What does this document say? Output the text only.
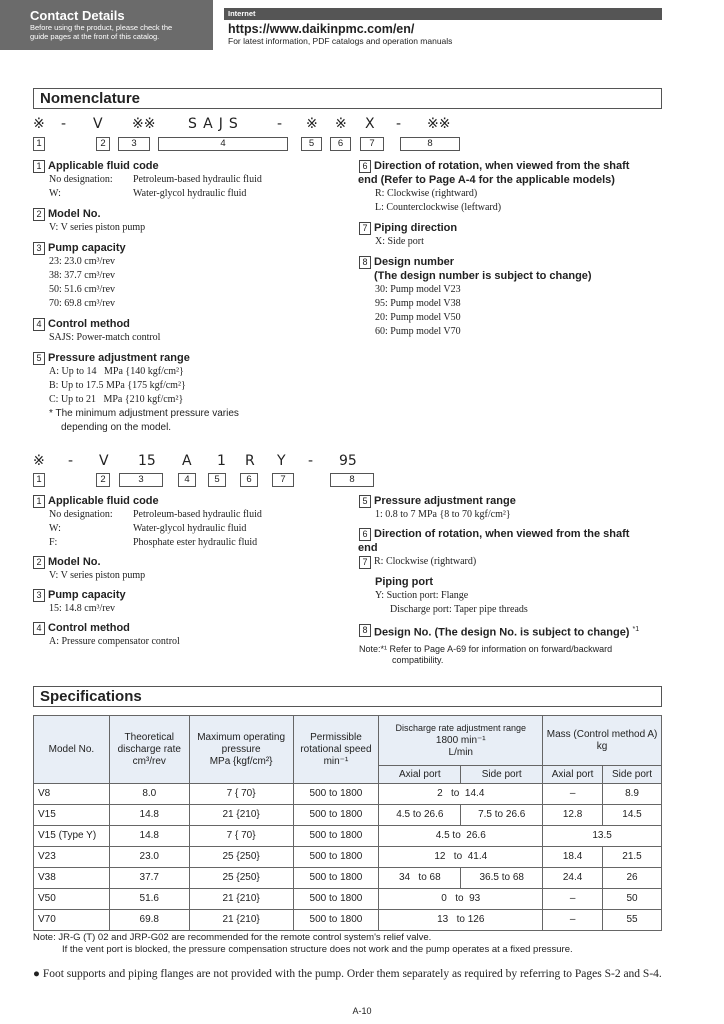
Contact Details
Before using the product, please check the
guide pages at the front of this catalog.
Internet
https://www.daikinpmc.com/en/
For latest information, PDF catalogs and operation manuals
Nomenclature

※

-

V

※※

SAJS

-

※

※

X

-

※※

1	2	3	4	5	6	7	8
1 Applicable fluid code
No designation: Petroleum-based hydraulic fluid
W:	Water-glycol hydraulic fluid
2 Model No.
V: V series piston pump
3 Pump capacity
23: 23.0 cm³/rev
38: 37.7 cm³/rev
50: 51.6 cm³/rev
70: 69.8 cm³/rev
4 Control method
SAJS: Power-match control
5 Pressure adjustment range
A: Up to 14   MPa {140 kgf/cm²}
B: Up to 17.5 MPa {175 kgf/cm²}
C: Up to 21   MPa {210 kgf/cm²}
* The minimum adjustment pressure varies
depending on the model.
6 Direction of rotation, when viewed from the shaft
end (Refer to Page A-4 for the applicable models)
R: Clockwise (rightward)
L: Counterclockwise (leftward)
7 Piping direction
X: Side port
8 Design number
(The design number is subject to change)
30: Pump model V23
95: Pump model V38
20: Pump model V50
60: Pump model V70

※

-

V

15

A

1

R

Y

-

95

1	2	3	4	5	6	7	8
1 Applicable fluid code
No designation: Petroleum-based hydraulic fluid
W:	Water-glycol hydraulic fluid
F:	Phosphate ester hydraulic fluid
2 Model No.
V: V series piston pump
3 Pump capacity
15: 14.8 cm³/rev
4 Control method
A: Pressure compensator control
5 Pressure adjustment range
1: 0.8 to 7 MPa {8 to 70 kgf/cm²}
6 Direction of rotation, when viewed from the shaft
end
7 R: Clockwise (rightward)
Piping port
Y: Suction port: Flange
Discharge port: Taper pipe threads
8 Design No. (The design No. is subject to change) $^{*1}$
Note:*¹ Refer to Page A-69 for information on forward/backward
compatibility.
Specifications
Model No.	Theoretical
discharge rate
cm³/rev	Maximum operating
pressure
MPa {kgf/cm²}	Permissible
rotational speed
min⁻¹	Discharge rate adjustment range
1800 min⁻¹
L/min		Mass (Control method A)
kg	
				Axial port	Side port	Axial port	Side port
V8	8.0	7 { 70}	500 to 1800	2   to  14.4		–	8.9
V15	14.8	21 {210}	500 to 1800	4.5 to 26.6	7.5 to 26.6	12.8	14.5
V15 (Type Y)	14.8	7 { 70}	500 to 1800	4.5 to  26.6		13.5	
V23	23.0	25 {250}	500 to 1800	12   to  41.4		18.4	21.5
V38	37.7	25 {250}	500 to 1800	34   to 68	36.5 to 68	24.4	26
V50	51.6	21 {210}	500 to 1800	0   to  93		–	50
V70	69.8	21 {210}	500 to 1800	13   to 126		–	55
Note: JR-G (T) 02 and JRP-G02 are recommended for the remote control system's relief valve.
If the vent port is blocked, the pressure compensation structure does not work and the pump operates at a fixed pressure.
● Foot supports and piping flanges are not provided with the pump. Order them separately as required by referring to Pages S-2 and S-4.
A-10
